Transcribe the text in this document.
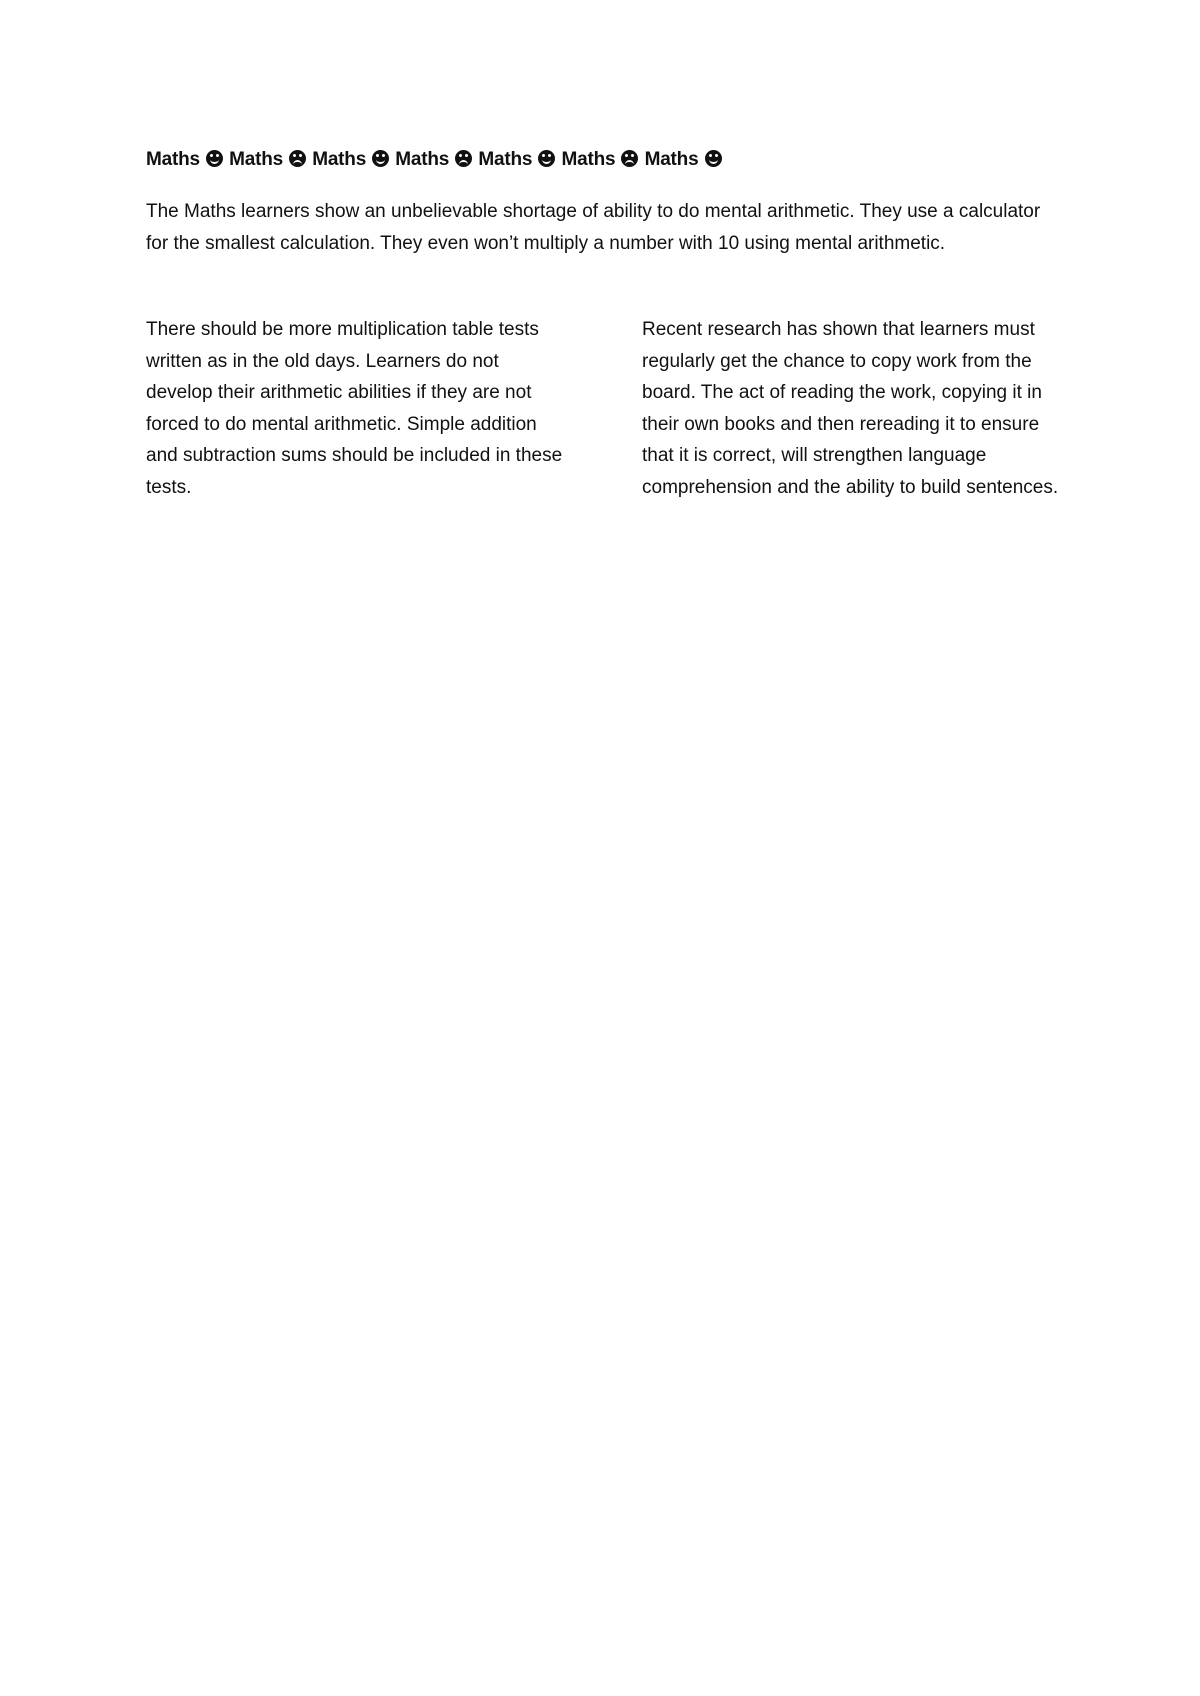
Maths Maths Maths Maths Maths Maths Maths

The Maths learners show an unbelievable shortage of ability to do mental arithmetic. They use a calculator for the smallest calculation. They even won’t multiply a number with 10 using mental arithmetic.

There should be more multiplication table tests written as in the old days. Learners do not develop their arithmetic abilities if they are not forced to do mental arithmetic. Simple addition and subtraction sums should be included in these tests.

Recent research has shown that learners must regularly get the chance to copy work from the board. The act of reading the work, copying it in their own books and then rereading it to ensure that it is correct, will strengthen language comprehension and the ability to build sentences.
